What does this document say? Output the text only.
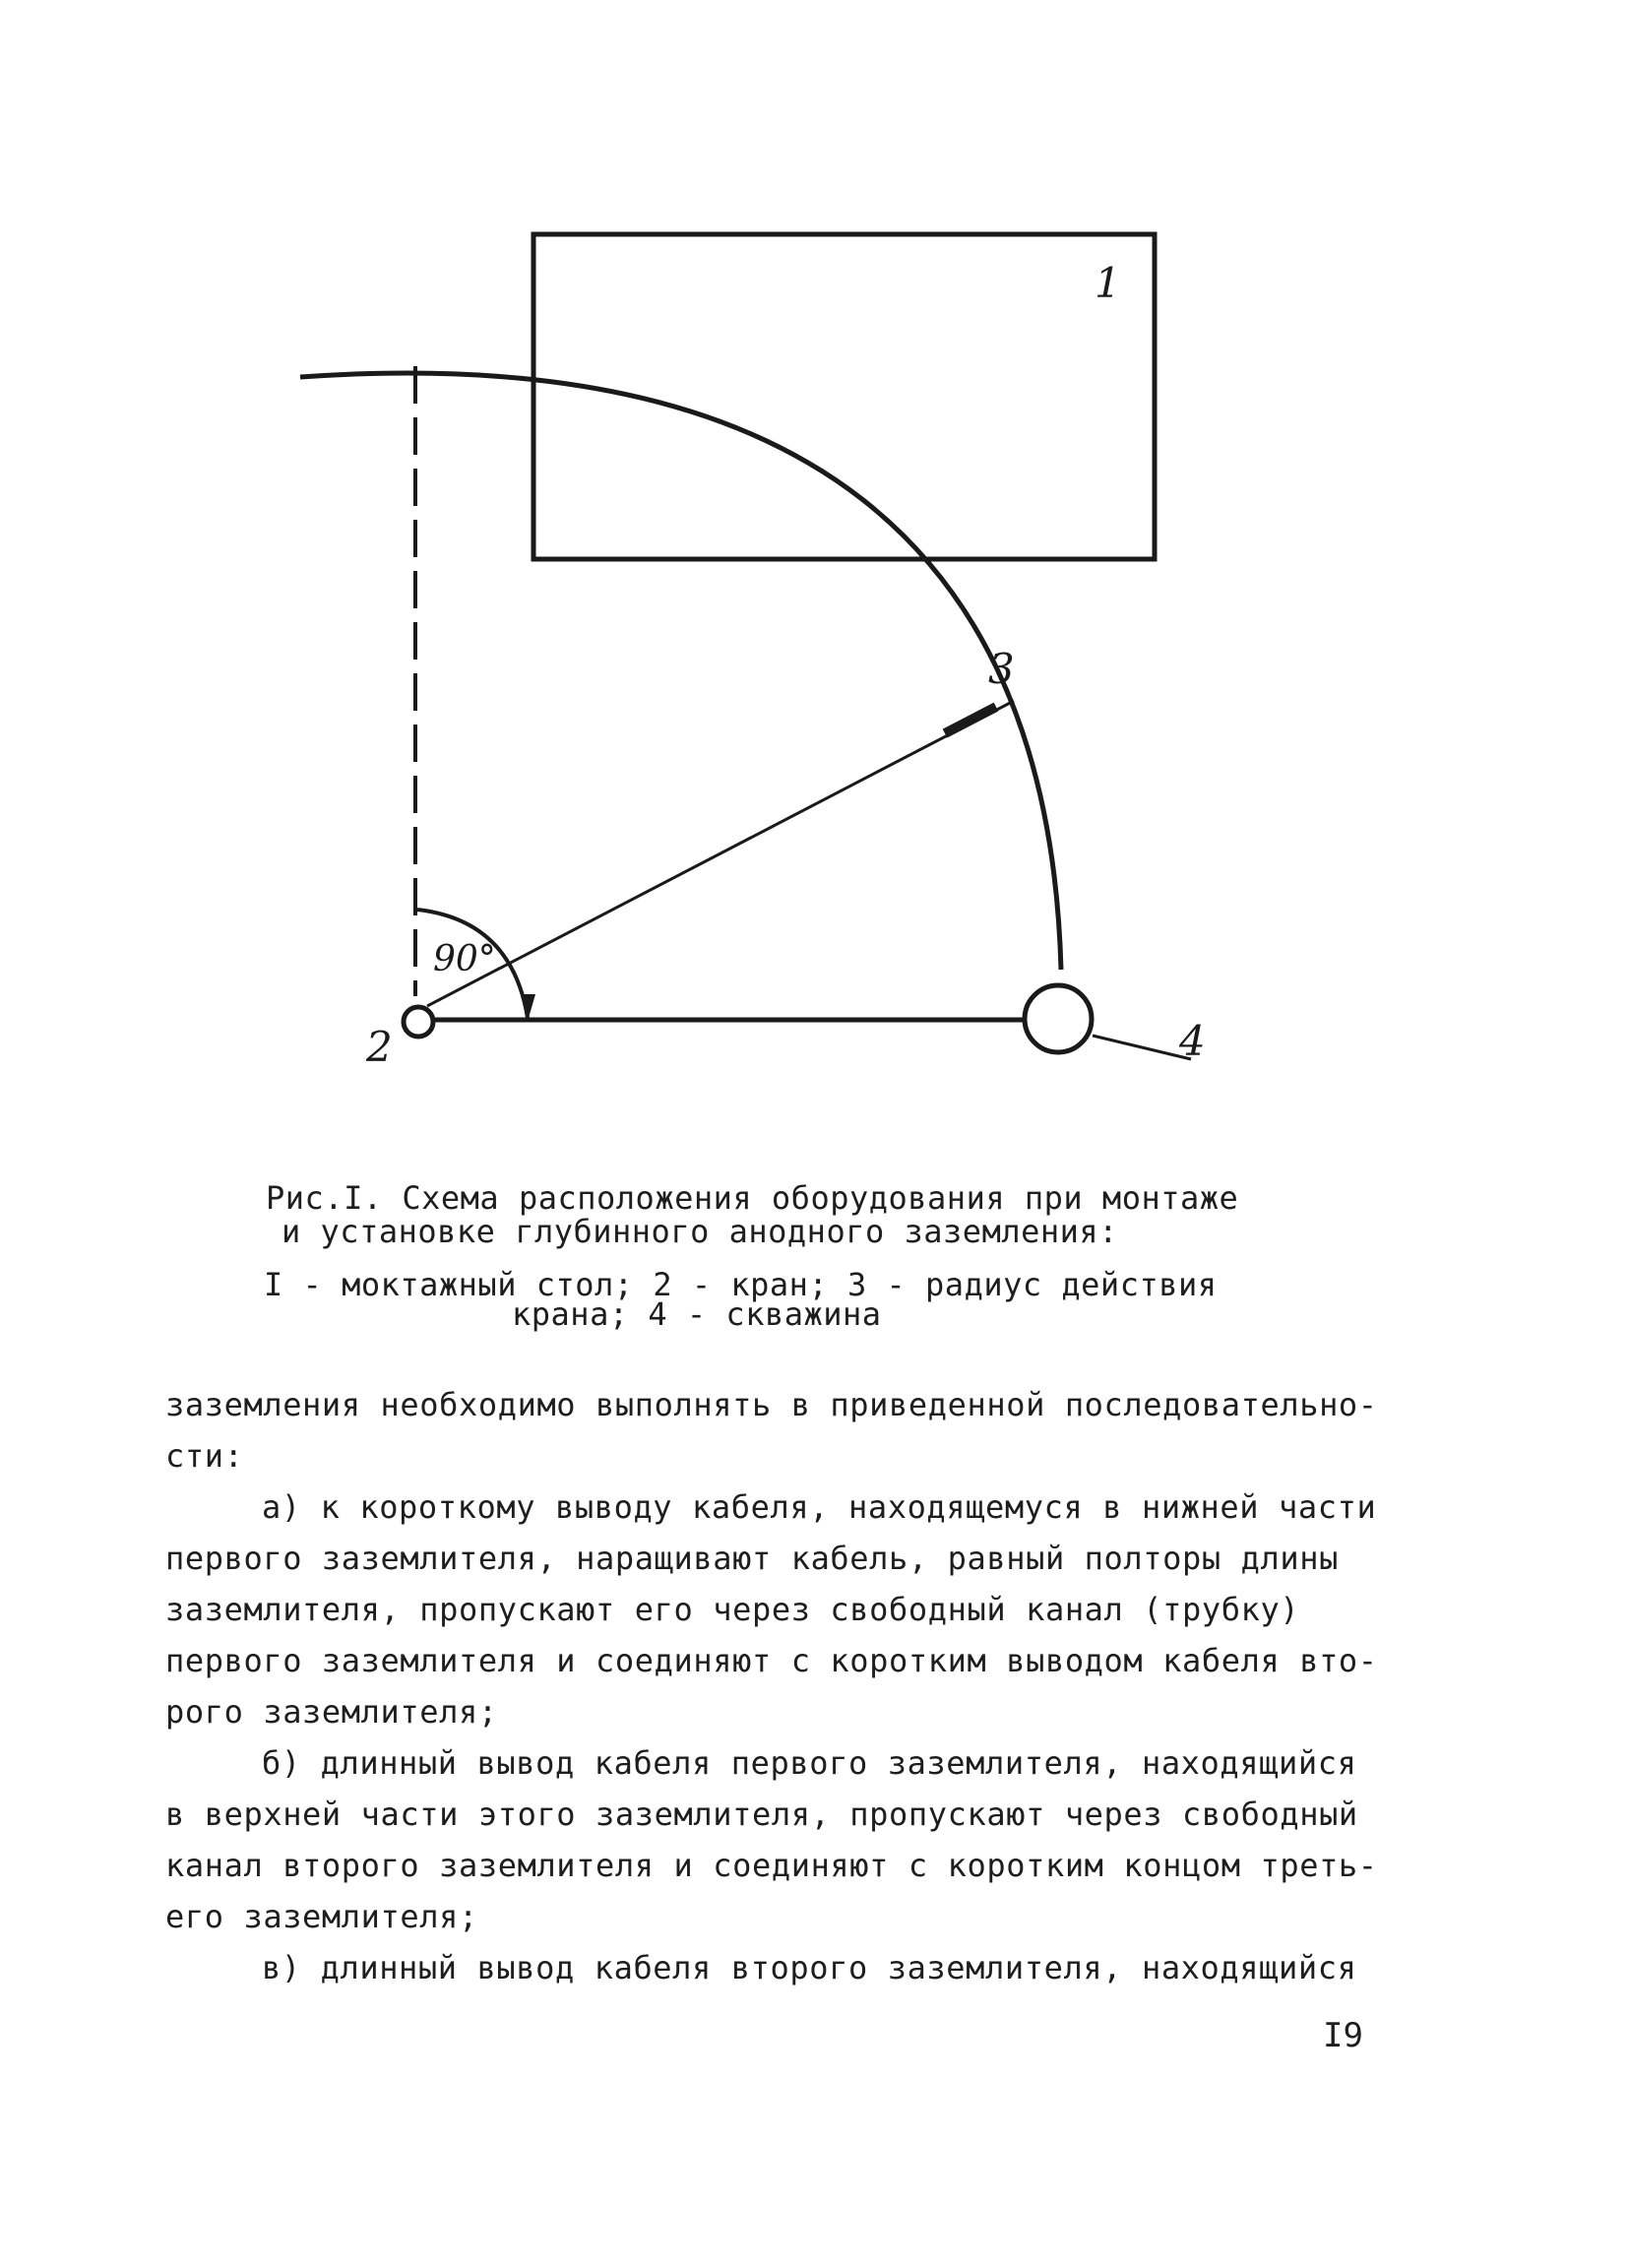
1
3
2	4
90°
Рис.I. Схема расположения оборудования при монтаже
и установке глубинного анодного заземления:
I - моктажный стол; 2 - кран; 3 - радиус действия
крана; 4 - скважина
заземления необходимо выполнять в приведенной последовательно-
сти:
а) к короткому выводу кабеля, находящемуся в нижней части
первого заземлителя, наращивают кабель, равный полторы длины
заземлителя, пропускают его через свободный канал (трубку)
первого заземлителя и соединяют с коротким выводом кабеля вто-
рого заземлителя;
б) длинный вывод кабеля первого заземлителя, находящийся
в верхней части этого заземлителя, пропускают через свободный
канал второго заземлителя и соединяют с коротким концом треть-
его заземлителя;
в) длинный вывод кабеля второго заземлителя, находящийся
I9
